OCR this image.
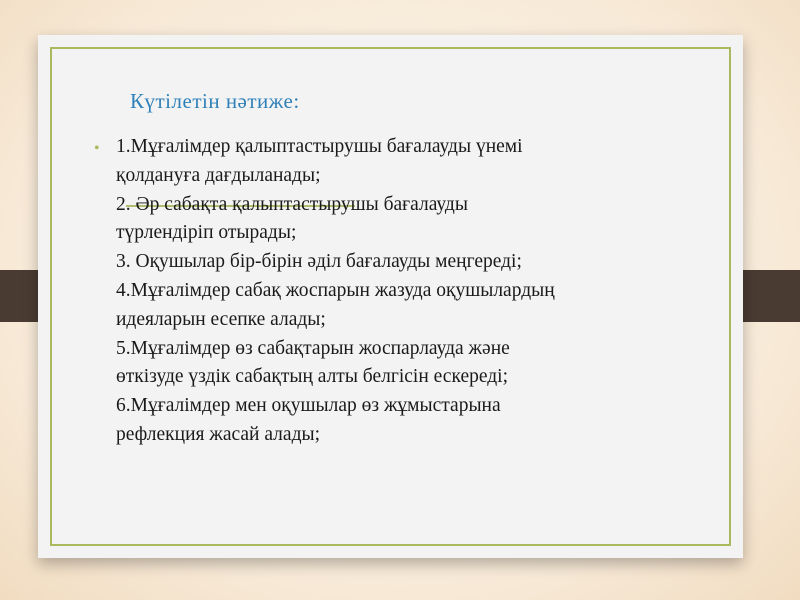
Күтілетін нәтиже:
• 1.Мұғалімдер қалыптастырушы бағалауды үнемі
қолдануға дағдыланады;
2. Әр сабақта қалыптастырушы бағалауды
түрлендіріп отырады;
3. Оқушылар бір-бірін әділ бағалауды меңгереді;
4.Мұғалімдер сабақ жоспарын жазуда оқушылардың
идеяларын есепке алады;
5.Мұғалімдер өз сабақтарын жоспарлауда және
өткізуде үздік сабақтың алты белгісін ескереді;
6.Мұғалімдер мен оқушылар өз жұмыстарына
рефлекция жасай алады;
